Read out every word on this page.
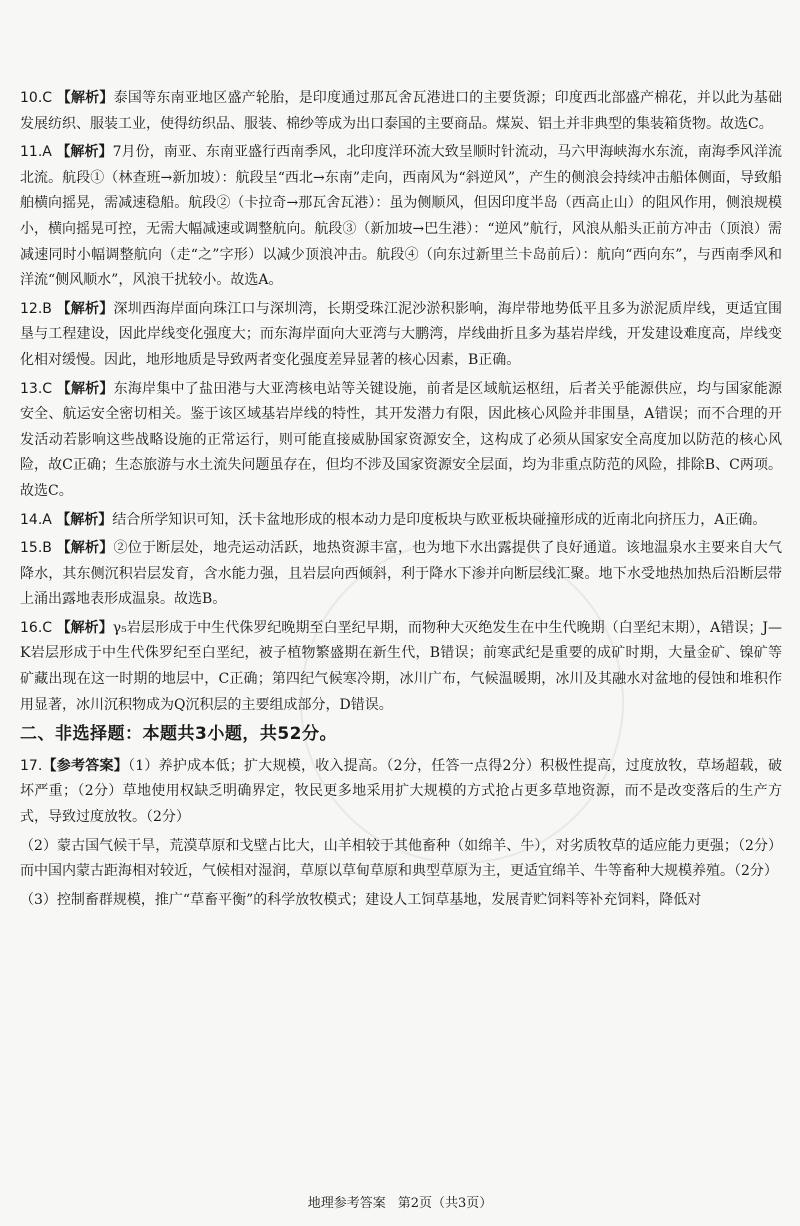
10.C 【解析】泰国等东南亚地区盛产轮胎，是印度通过那瓦舍瓦港进口的主要货源；印度西北部盛产棉花，并以此为基础发展纺织、服装工业，使得纺织品、服装、棉纱等成为出口泰国的主要商品。煤炭、铝土并非典型的集装箱货物。故选C。

11.A 【解析】7月份，南亚、东南亚盛行西南季风，北印度洋环流大致呈顺时针流动，马六甲海峡海水东流，南海季风洋流北流。航段①（林查班→新加坡）：航段呈“西北→东南”走向，西南风为“斜逆风”，产生的侧浪会持续冲击船体侧面，导致船舶横向摇晃，需减速稳船。航段②（卡拉奇→那瓦舍瓦港）：虽为侧顺风，但因印度半岛（西高止山）的阻风作用，侧浪规模小，横向摇晃可控，无需大幅减速或调整航向。航段③（新加坡→巴生港）：“逆风”航行，风浪从船头正前方冲击（顶浪）需减速同时小幅调整航向（走“之”字形）以减少顶浪冲击。航段④（向东过新里兰卡岛前后）：航向“西向东”，与西南季风和洋流“侧风顺水”，风浪干扰较小。故选A。

12.B 【解析】深圳西海岸面向珠江口与深圳湾，长期受珠江泥沙淤积影响，海岸带地势低平且多为淤泥质岸线，更适宜围垦与工程建设，因此岸线变化强度大；而东海岸面向大亚湾与大鹏湾，岸线曲折且多为基岩岸线，开发建设难度高，岸线变化相对缓慢。因此，地形地质是导致两者变化强度差异显著的核心因素，B正确。

13.C 【解析】东海岸集中了盐田港与大亚湾核电站等关键设施，前者是区域航运枢纽，后者关乎能源供应，均与国家能源安全、航运安全密切相关。鉴于该区域基岩岸线的特性，其开发潜力有限，因此核心风险并非围垦，A错误；而不合理的开发活动若影响这些战略设施的正常运行，则可能直接威胁国家资源安全，这构成了必须从国家安全高度加以防范的核心风险，故C正确；生态旅游与水土流失问题虽存在，但均不涉及国家资源安全层面，均为非重点防范的风险，排除B、C两项。故选C。

14.A 【解析】结合所学知识可知，沃卡盆地形成的根本动力是印度板块与欧亚板块碰撞形成的近南北向挤压力，A正确。

15.B 【解析】②位于断层处，地壳运动活跃，地热资源丰富，也为地下水出露提供了良好通道。该地温泉水主要来自大气降水，其东侧沉积岩层发育，含水能力强，且岩层向西倾斜，利于降水下渗并向断层线汇聚。地下水受地热加热后沿断层带上涌出露地表形成温泉。故选B。

16.C 【解析】γ₅岩层形成于中生代侏罗纪晚期至白垩纪早期，而物种大灭绝发生在中生代晚期（白垩纪末期），A错误；J—K岩层形成于中生代侏罗纪至白垩纪，被子植物繁盛期在新生代，B错误；前寒武纪是重要的成矿时期，大量金矿、镍矿等矿藏出现在这一时期的地层中，C正确；第四纪气候寒冷期，冰川广布，气候温暖期，冰川及其融水对盆地的侵蚀和堆积作用显著，冰川沉积物成为Q沉积层的主要组成部分，D错误。

二、非选择题：本题共3小题，共52分。

17.【参考答案】（1）养护成本低；扩大规模，收入提高。（2分，任答一点得2分）积极性提高，过度放牧，草场超载，破坏严重；（2分）草地使用权缺乏明确界定，牧民更多地采用扩大规模的方式抢占更多草地资源，而不是改变落后的生产方式，导致过度放牧。（2分）

（2）蒙古国气候干旱，荒漠草原和戈壁占比大，山羊相较于其他畜种（如绵羊、牛），对劣质牧草的适应能力更强；（2分）而中国内蒙古距海相对较近，气候相对湿润，草原以草甸草原和典型草原为主，更适宜绵羊、牛等畜种大规模养殖。（2分）

（3）控制畜群规模，推广“草畜平衡”的科学放牧模式；建设人工饲草基地，发展青贮饲料等补充饲料，降低对

地理参考答案 第2页（共3页）
